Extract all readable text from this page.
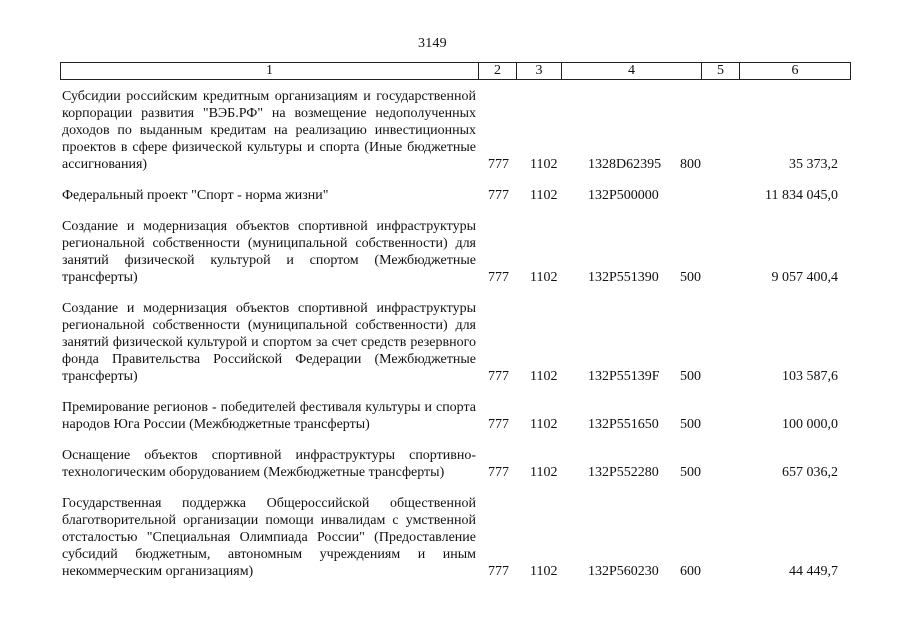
3149
1	2	3	4	5	6
Субсидии российским кредитным организациям и государственной корпорации развития "ВЭБ.РФ" на возмещение недополученных доходов по выданным кредитам на реализацию инвестиционных проектов в сфере физической культуры и спорта (Иные бюджетные ассигнования)	777 1102 1328D62395 800	35 373,2
Федеральный проект "Спорт - норма жизни"	777 1102 132P500000	11 834 045,0
Создание и модернизация объектов спортивной инфраструктуры региональной собственности (муниципальной собственности) для занятий физической культурой и спортом (Межбюджетные трансферты)	777 1102 132P551390 500	9 057 400,4
Создание и модернизация объектов спортивной инфраструктуры региональной собственности (муниципальной собственности) для занятий физической культурой и спортом за счет средств резервного фонда Правительства Российской Федерации (Межбюджетные трансферты)	777 1102 132P55139F 500	103 587,6
Премирование регионов - победителей фестиваля культуры и спорта народов Юга России (Межбюджетные трансферты)	777 1102 132P551650 500	100 000,0
Оснащение объектов спортивной инфраструктуры спортивно-технологическим оборудованием (Межбюджетные трансферты)	777 1102 132P552280 500	657 036,2
Государственная поддержка Общероссийской общественной благотворительной организации помощи инвалидам с умственной отсталостью "Специальная Олимпиада России" (Предоставление субсидий бюджетным, автономным учреждениям и иным некоммерческим организациям)	777 1102 132P560230 600	44 449,7
